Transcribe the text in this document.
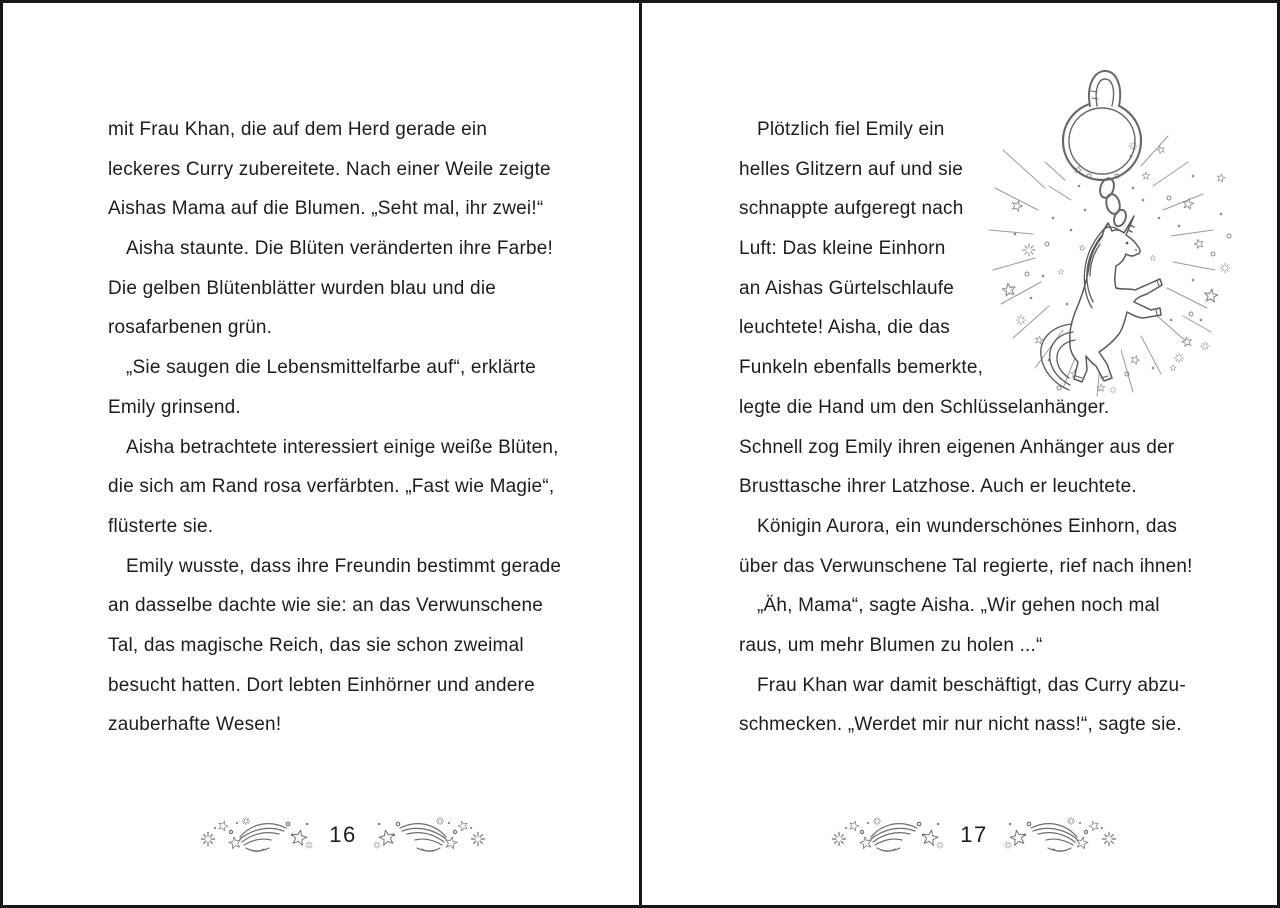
mit Frau Khan, die auf dem Herd gerade ein
leckeres Curry zubereitete. Nach einer Weile zeigte
Aishas Mama auf die Blumen. „Seht mal, ihr zwei!“
Aisha staunte. Die Blüten veränderten ihre Farbe!
Die gelben Blütenblätter wurden blau und die
rosafarbenen grün.
„Sie saugen die Lebensmittelfarbe auf“, erklärte
Emily grinsend.
Aisha betrachtete interessiert einige weiße Blüten,
die sich am Rand rosa verfärbten. „Fast wie Magie“,
flüsterte sie.
Emily wusste, dass ihre Freundin bestimmt gerade
an dasselbe dachte wie sie: an das Verwunschene
Tal, das magische Reich, das sie schon zweimal
besucht hatten. Dort lebten Einhörner und andere
zauberhafte Wesen!
16
Plötzlich fiel Emily ein
helles Glitzern auf und sie
schnappte aufgeregt nach
Luft: Das kleine Einhorn
an Aishas Gürtelschlaufe
leuchtete! Aisha, die das
Funkeln ebenfalls bemerkte,
legte die Hand um den Schlüsselanhänger.
Schnell zog Emily ihren eigenen Anhänger aus der
Brusttasche ihrer Latzhose. Auch er leuchtete.
Königin Aurora, ein wunderschönes Einhorn, das
über das Verwunschene Tal regierte, rief nach ihnen!
„Äh, Mama“, sagte Aisha. „Wir gehen noch mal
raus, um mehr Blumen zu holen ...“
Frau Khan war damit beschäftigt, das Curry abzu-
schmecken. „Werdet mir nur nicht nass!“, sagte sie.
17
